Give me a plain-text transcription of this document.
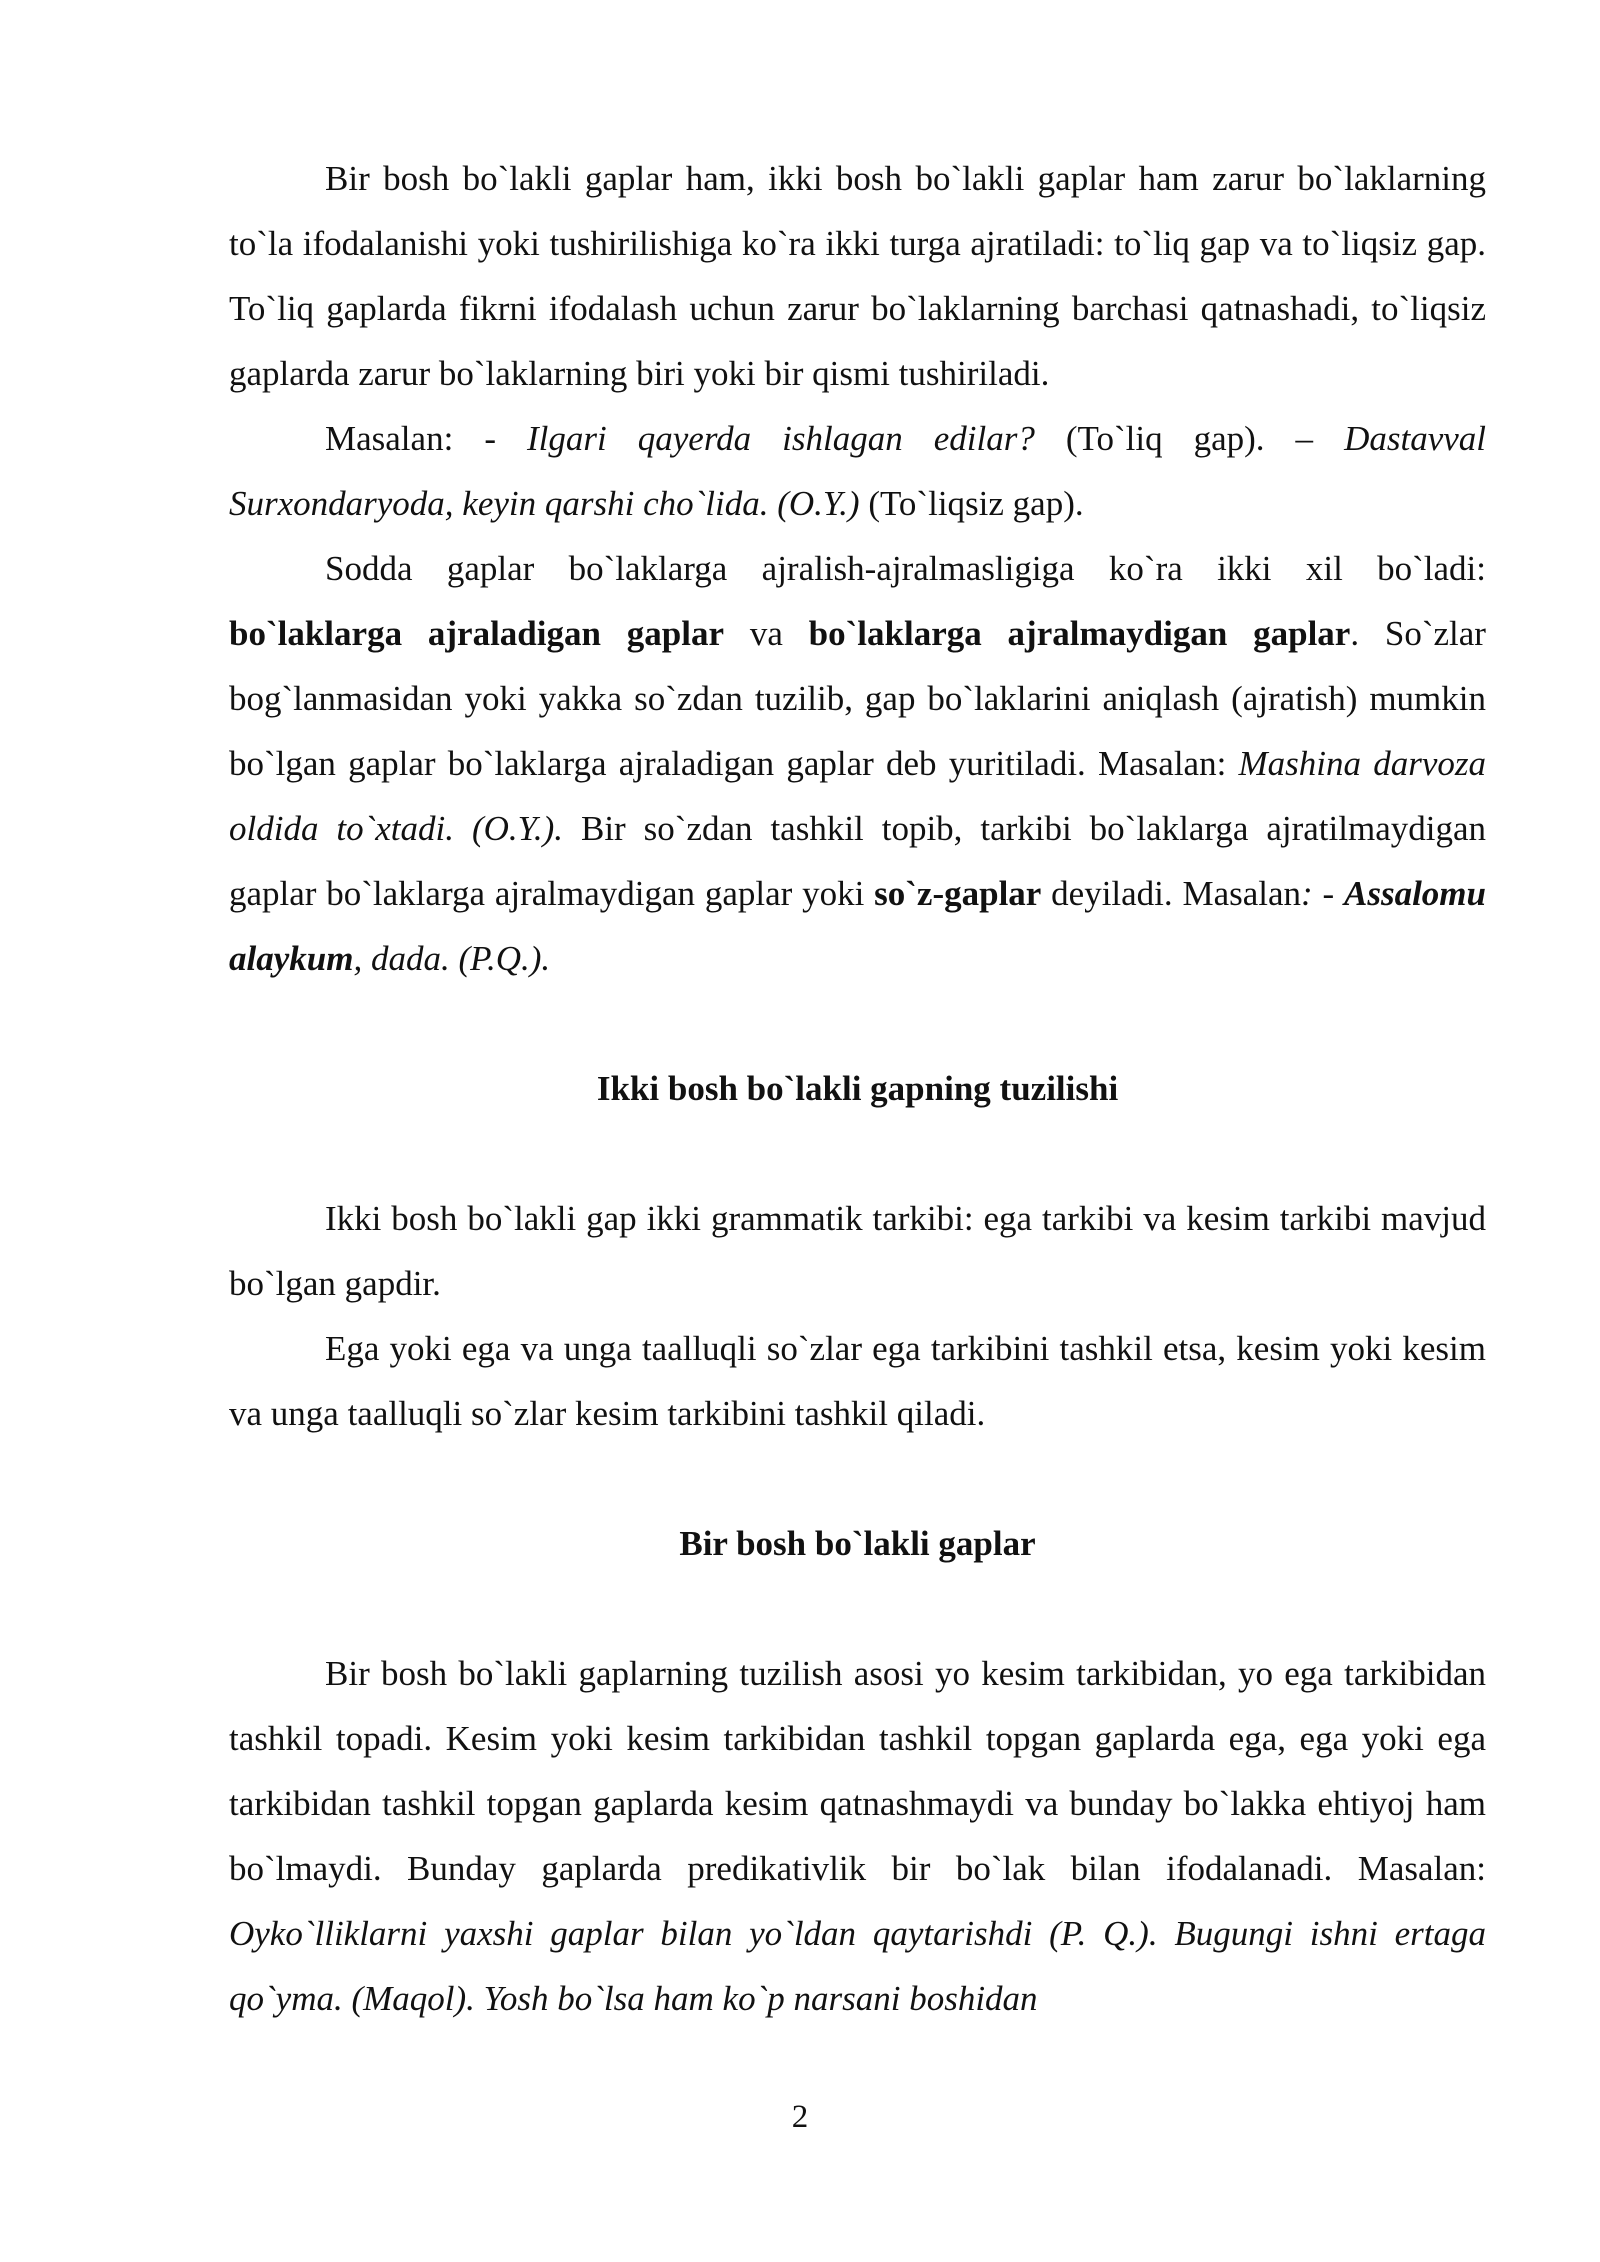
Bir bosh bo`lakli gaplar ham, ikki bosh bo`lakli gaplar ham zarur bo`laklarning to`la ifodalanishi yoki tushirilishiga ko`ra ikki turga ajratiladi: to`liq gap va to`liqsiz gap. To`liq gaplarda fikrni ifodalash uchun zarur bo`laklarning barchasi qatnashadi, to`liqsiz gaplarda zarur bo`laklarning biri yoki bir qismi tushiriladi.

Masalan: - Ilgari qayerda ishlagan edilar? (To`liq gap). – Dastavval Surxondaryoda, keyin qarshi cho`lida. (O.Y.) (To`liqsiz gap).

Sodda gaplar bo`laklarga ajralish-ajralmasligiga ko`ra ikki xil bo`ladi: bo`laklarga ajraladigan gaplar va bo`laklarga ajralmaydigan gaplar. So`zlar bog`lanmasidan yoki yakka so`zdan tuzilib, gap bo`laklarini aniqlash (ajratish) mumkin bo`lgan gaplar bo`laklarga ajraladigan gaplar deb yuritiladi. Masalan: Mashina darvoza oldida to`xtadi. (O.Y.). Bir so`zdan tashkil topib, tarkibi bo`laklarga ajratilmaydigan gaplar bo`laklarga ajralmaydigan gaplar yoki so`z-gaplar deyiladi. Masalan: - Assalomu alaykum, dada. (P.Q.).

Ikki bosh bo`lakli gapning tuzilishi

Ikki bosh bo`lakli gap ikki grammatik tarkibi: ega tarkibi va kesim tarkibi mavjud bo`lgan gapdir.

Ega yoki ega va unga taalluqli so`zlar ega tarkibini tashkil etsa, kesim yoki kesim va unga taalluqli so`zlar kesim tarkibini tashkil qiladi.

Bir bosh bo`lakli gaplar

Bir bosh bo`lakli gaplarning tuzilish asosi yo kesim tarkibidan, yo ega tarkibidan tashkil topadi. Kesim yoki kesim tarkibidan tashkil topgan gaplarda ega, ega yoki ega tarkibidan tashkil topgan gaplarda kesim qatnashmaydi va bunday bo`lakka ehtiyoj ham bo`lmaydi. Bunday gaplarda predikativlik bir bo`lak bilan ifodalanadi. Masalan: Oyko`lliklarni yaxshi gaplar bilan yo`ldan qaytarishdi (P. Q.). Bugungi ishni ertaga qo`yma. (Maqol). Yosh bo`lsa ham ko`p narsani boshidan

2
